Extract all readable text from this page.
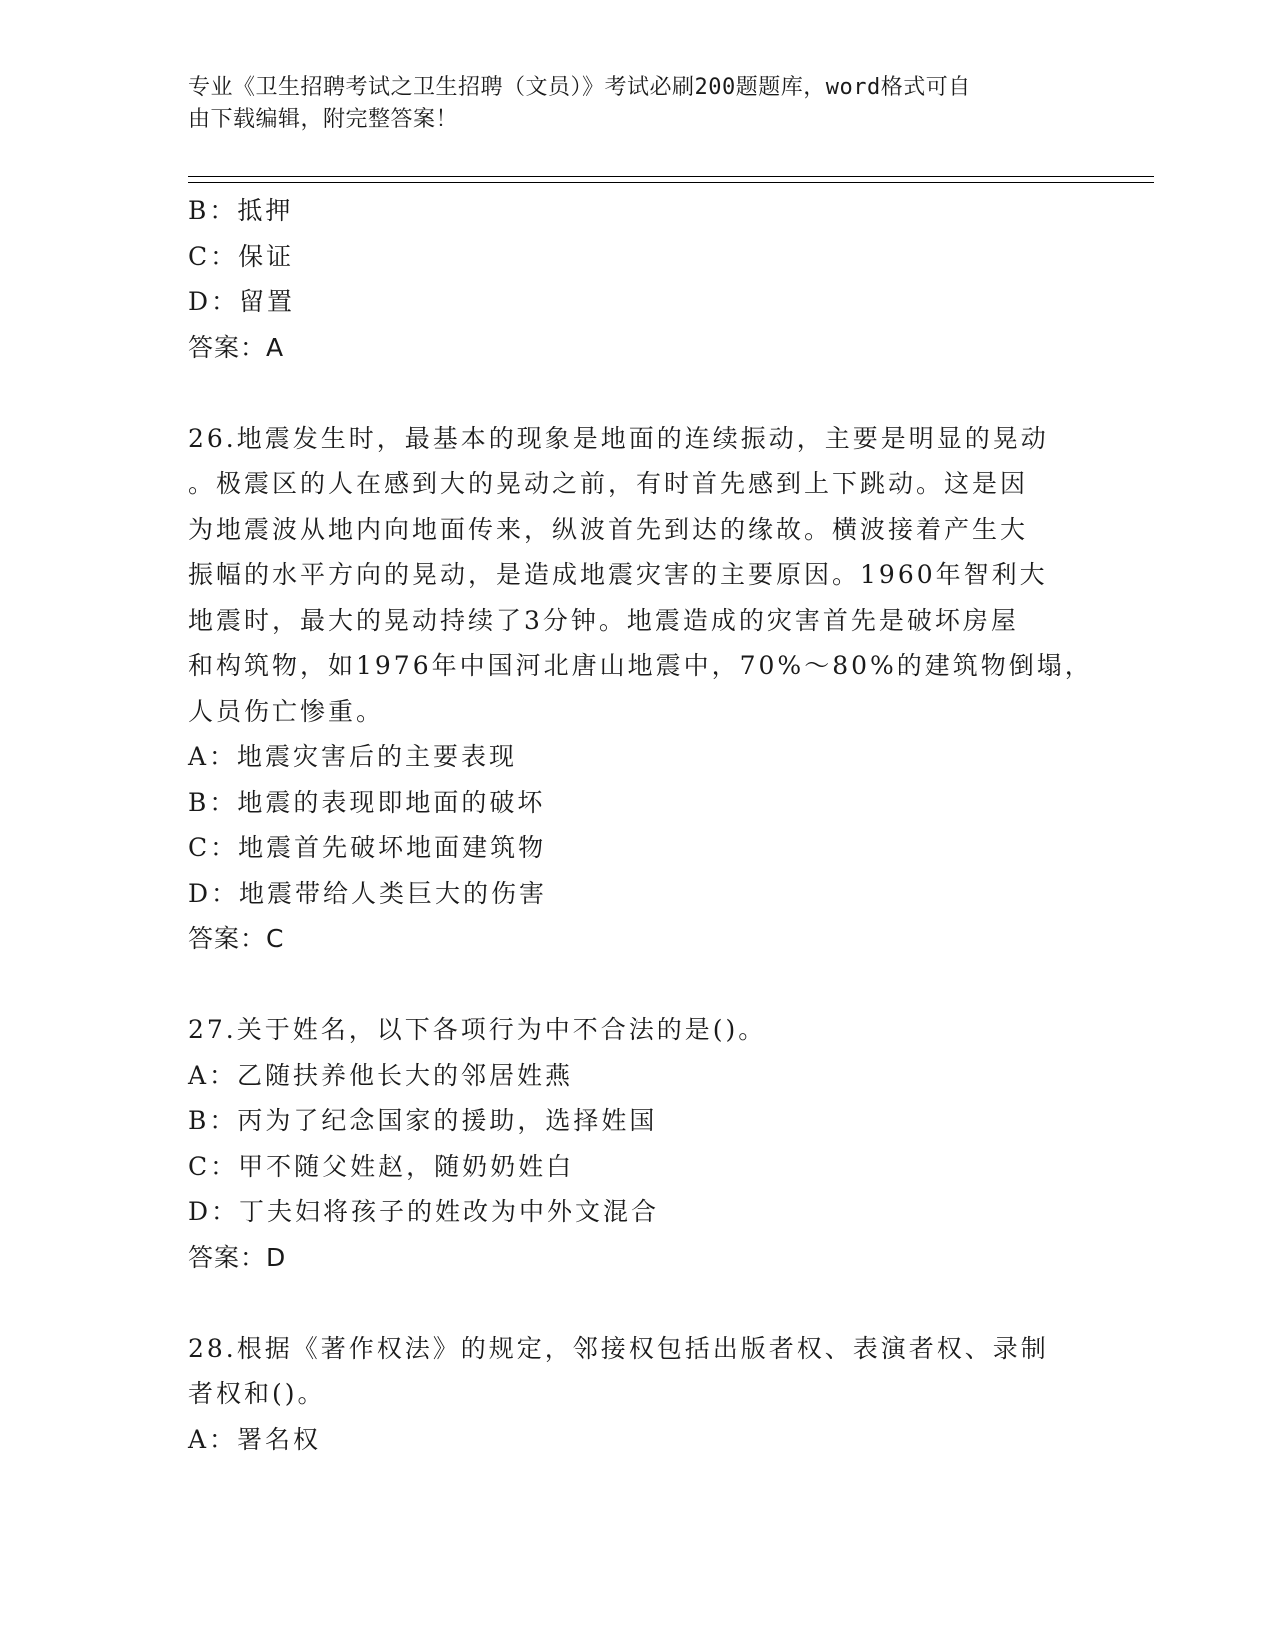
专业《卫生招聘考试之卫生招聘（文员）》考试必刷200题题库，word格式可自
由下载编辑，附完整答案！
B：抵押
C：保证
D：留置
答案：A
26.地震发生时，最基本的现象是地面的连续振动，主要是明显的晃动
。极震区的人在感到大的晃动之前，有时首先感到上下跳动。这是因
为地震波从地内向地面传来，纵波首先到达的缘故。横波接着产生大
振幅的水平方向的晃动，是造成地震灾害的主要原因。1960年智利大
地震时，最大的晃动持续了3分钟。地震造成的灾害首先是破坏房屋
和构筑物，如1976年中国河北唐山地震中，70%～80%的建筑物倒塌，
人员伤亡惨重。
A：地震灾害后的主要表现
B：地震的表现即地面的破坏
C：地震首先破坏地面建筑物
D：地震带给人类巨大的伤害
答案：C
27.关于姓名，以下各项行为中不合法的是()。
A：乙随扶养他长大的邻居姓燕
B：丙为了纪念国家的援助，选择姓国
C：甲不随父姓赵，随奶奶姓白
D：丁夫妇将孩子的姓改为中外文混合
答案：D
28.根据《著作权法》的规定，邻接权包括出版者权、表演者权、录制
者权和()。
A：署名权
